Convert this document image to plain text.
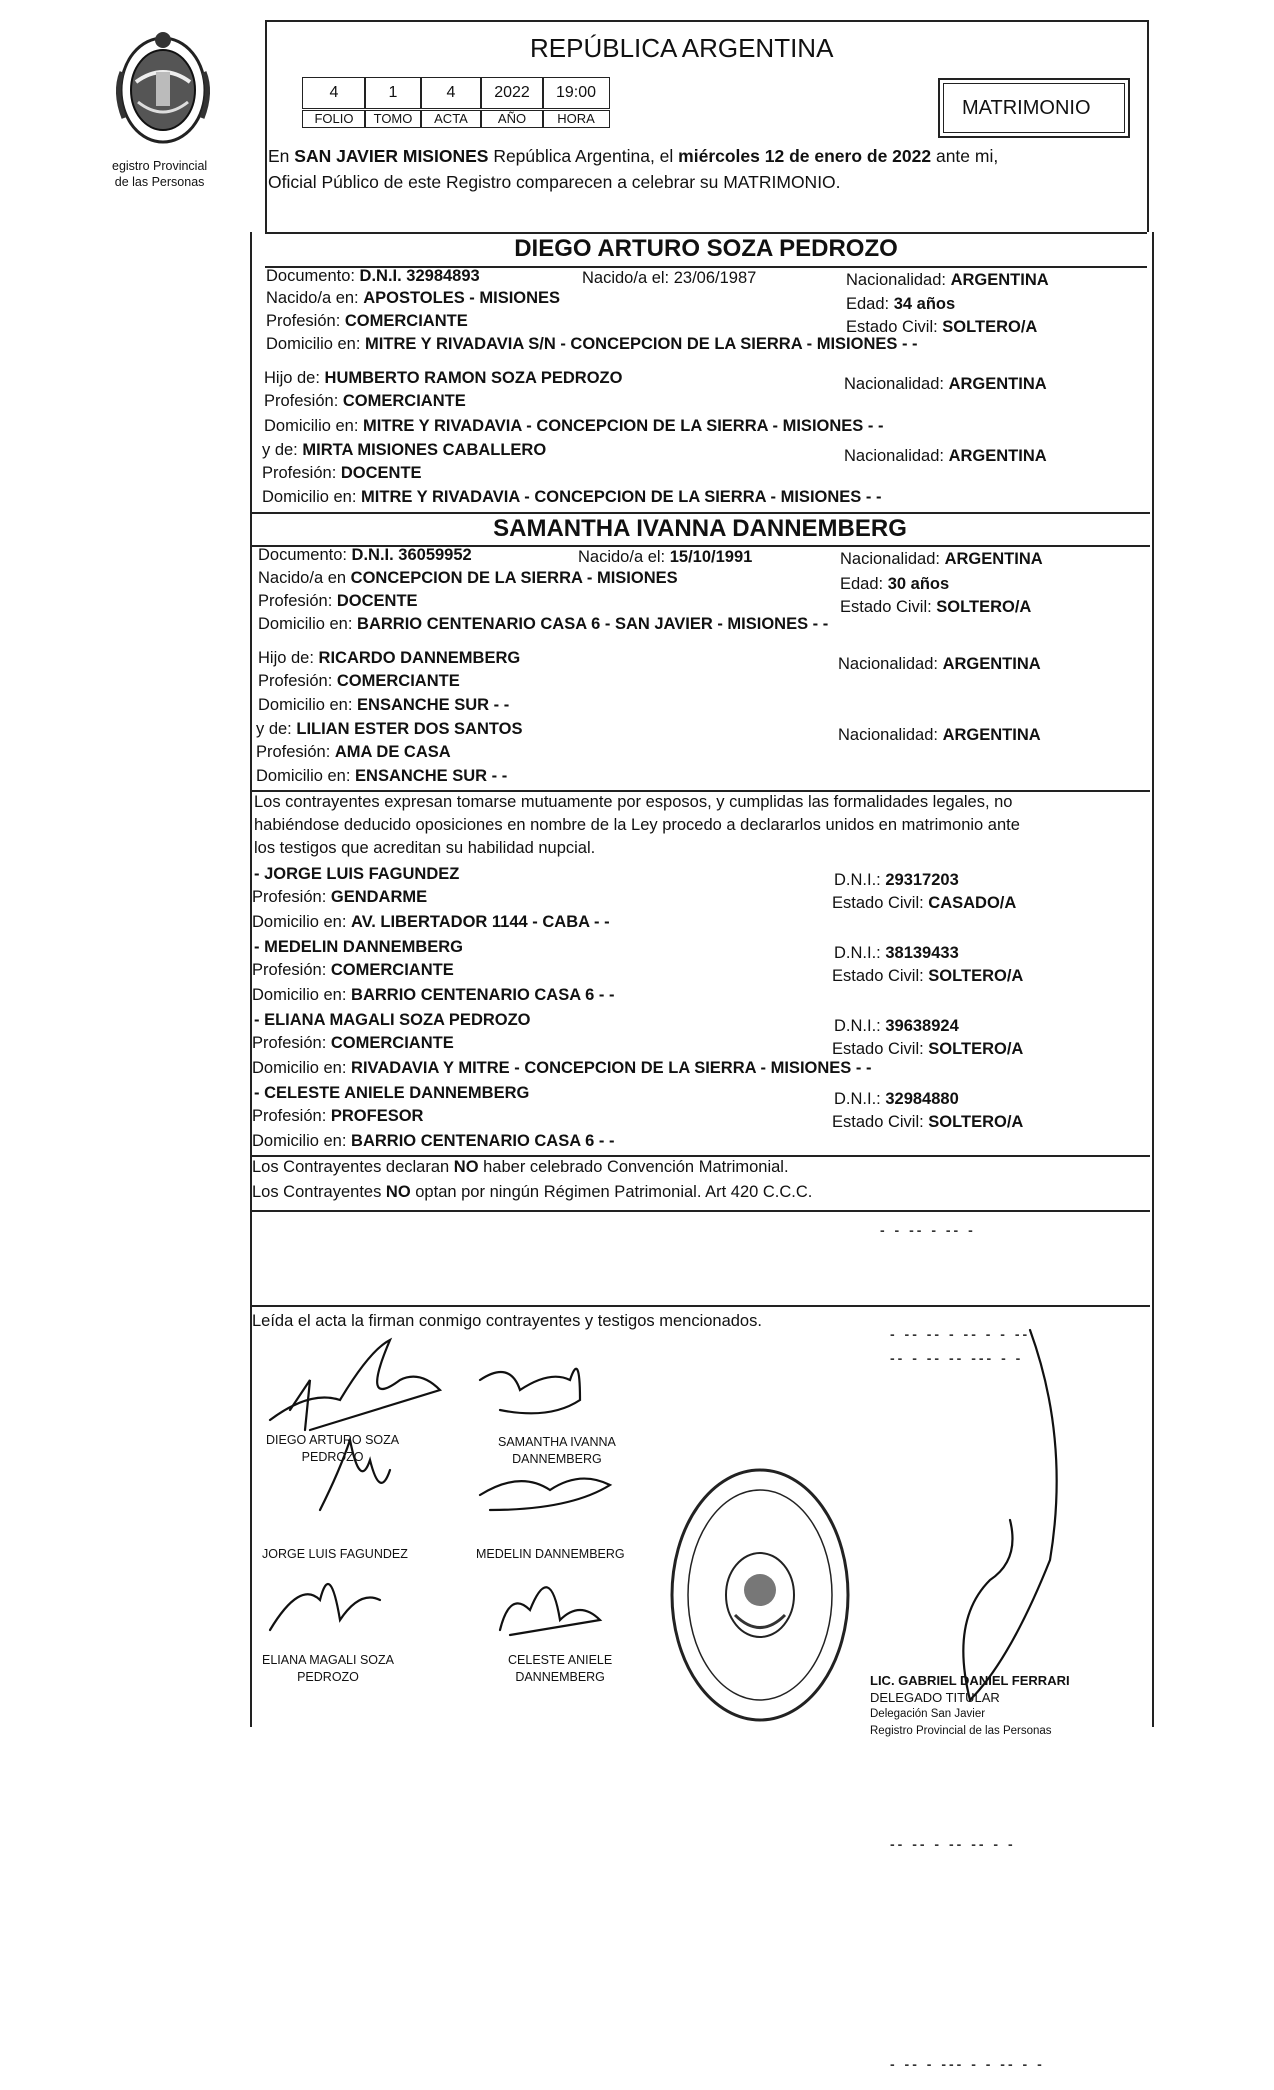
egistro Provincial
de las Personas
REPÚBLICA ARGENTINA
4	1	4	2022	19:00
FOLIO	TOMO	ACTA	AÑO	HORA	MATRIMONIO
En SAN JAVIER MISIONES República Argentina, el miércoles 12 de enero de 2022 ante mi,
Oficial Público de este Registro comparecen a celebrar su MATRIMONIO.
DIEGO ARTURO SOZA PEDROZO
Documento: D.N.I. 32984893	Nacido/a el: 23/06/1987	Nacionalidad: ARGENTINA
Nacido/a en: APOSTOLES - MISIONES	Edad: 34 años
Profesión: COMERCIANTE	Estado Civil: SOLTERO/A
Domicilio en: MITRE Y RIVADAVIA S/N - CONCEPCION DE LA SIERRA - MISIONES - -
Hijo de: HUMBERTO RAMON SOZA PEDROZO	Nacionalidad: ARGENTINA
Profesión: COMERCIANTE
Domicilio en: MITRE Y RIVADAVIA - CONCEPCION DE LA SIERRA - MISIONES - -
y de: MIRTA MISIONES CABALLERO	Nacionalidad: ARGENTINA
Profesión: DOCENTE
Domicilio en: MITRE Y RIVADAVIA - CONCEPCION DE LA SIERRA - MISIONES - -
SAMANTHA IVANNA DANNEMBERG
Documento: D.N.I. 36059952	Nacido/a el: 15/10/1991	Nacionalidad: ARGENTINA
Nacido/a en CONCEPCION DE LA SIERRA - MISIONES	Edad: 30 años
Profesión: DOCENTE	Estado Civil: SOLTERO/A
Domicilio en: BARRIO CENTENARIO CASA 6 - SAN JAVIER - MISIONES - -
Hijo de: RICARDO DANNEMBERG	Nacionalidad: ARGENTINA
Profesión: COMERCIANTE
Domicilio en: ENSANCHE SUR - -
y de: LILIAN ESTER DOS SANTOS	Nacionalidad: ARGENTINA
Profesión: AMA DE CASA
Domicilio en: ENSANCHE SUR - -
Los contrayentes expresan tomarse mutuamente por esposos, y cumplidas las formalidades legales, no
habiéndose deducido oposiciones en nombre de la Ley procedo a declararlos unidos en matrimonio ante
los testigos que acreditan su habilidad nupcial.
- JORGE LUIS FAGUNDEZ	D.N.I.: 29317203
Profesión: GENDARME	Estado Civil: CASADO/A
Domicilio en: AV. LIBERTADOR 1144 - CABA - -
- MEDELIN DANNEMBERG	D.N.I.: 38139433
Profesión: COMERCIANTE	Estado Civil: SOLTERO/A
Domicilio en: BARRIO CENTENARIO CASA 6 - -
- ELIANA MAGALI SOZA PEDROZO	D.N.I.: 39638924
Profesión: COMERCIANTE	Estado Civil: SOLTERO/A
Domicilio en: RIVADAVIA Y MITRE - CONCEPCION DE LA SIERRA - MISIONES - -
- CELESTE ANIELE DANNEMBERG	D.N.I.: 32984880
Profesión: PROFESOR	Estado Civil: SOLTERO/A
Domicilio en: BARRIO CENTENARIO CASA 6 - -
Los Contrayentes declaran NO haber celebrado Convención Matrimonial.
Los Contrayentes NO optan por ningún Régimen Patrimonial. Art 420 C.C.C.
Leída el acta la firman conmigo contrayentes y testigos mencionados.
DIEGO ARTURO SOZA
PEDROZO
SAMANTHA IVANNA
DANNEMBERG
JORGE LUIS FAGUNDEZ	MEDELIN DANNEMBERG
ELIANA MAGALI SOZA
PEDROZO
CELESTE ANIELE
DANNEMBERG	LIC. GABRIEL DANIEL FERRARI
DELEGADO TITULAR
Delegación San Javier
Registro Provincial de las Personas
- - -- - -- -
- -- -- - -- - - --
-- - -- -- --- - -
-- -- - -- -- - -
- -- - --- - - -- - -
